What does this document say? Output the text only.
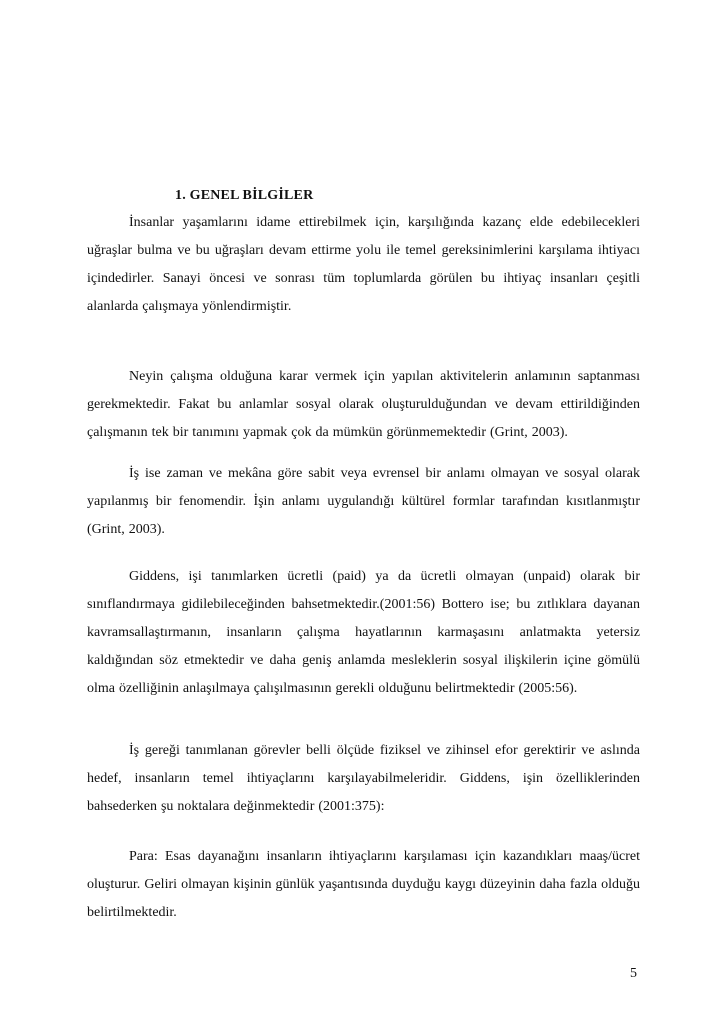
1. GENEL BİLGİLER

İnsanlar yaşamlarını idame ettirebilmek için, karşılığında kazanç elde edebilecekleri uğraşlar bulma ve bu uğraşları devam ettirme yolu ile temel gereksinimlerini karşılama ihtiyacı içindedirler. Sanayi öncesi ve sonrası tüm toplumlarda görülen bu ihtiyaç insanları çeşitli alanlarda çalışmaya yönlendirmiştir.

Neyin çalışma olduğuna karar vermek için yapılan aktivitelerin anlamının saptanması gerekmektedir. Fakat bu anlamlar sosyal olarak oluşturulduğundan ve devam ettirildiğinden çalışmanın tek bir tanımını yapmak çok da mümkün görünmemektedir (Grint, 2003).

İş ise zaman ve mekâna göre sabit veya evrensel bir anlamı olmayan ve sosyal olarak yapılanmış bir fenomendir. İşin anlamı uygulandığı kültürel formlar tarafından kısıtlanmıştır (Grint, 2003).

Giddens, işi tanımlarken ücretli (paid) ya da ücretli olmayan (unpaid) olarak bir sınıflandırmaya gidilebileceğinden bahsetmektedir.(2001:56) Bottero ise; bu zıtlıklara dayanan kavramsallaştırmanın, insanların çalışma hayatlarının karmaşasını anlatmakta yetersiz kaldığından söz etmektedir ve daha geniş anlamda mesleklerin sosyal ilişkilerin içine gömülü olma özelliğinin anlaşılmaya çalışılmasının gerekli olduğunu belirtmektedir (2005:56).

İş gereği tanımlanan görevler belli ölçüde fiziksel ve zihinsel efor gerektirir ve aslında hedef, insanların temel ihtiyaçlarını karşılayabilmeleridir. Giddens, işin özelliklerinden bahsederken şu noktalara değinmektedir (2001:375):

Para: Esas dayanağını insanların ihtiyaçlarını karşılaması için kazandıkları maaş/ücret oluşturur. Geliri olmayan kişinin günlük yaşantısında duyduğu kaygı düzeyinin daha fazla olduğu belirtilmektedir.

5
